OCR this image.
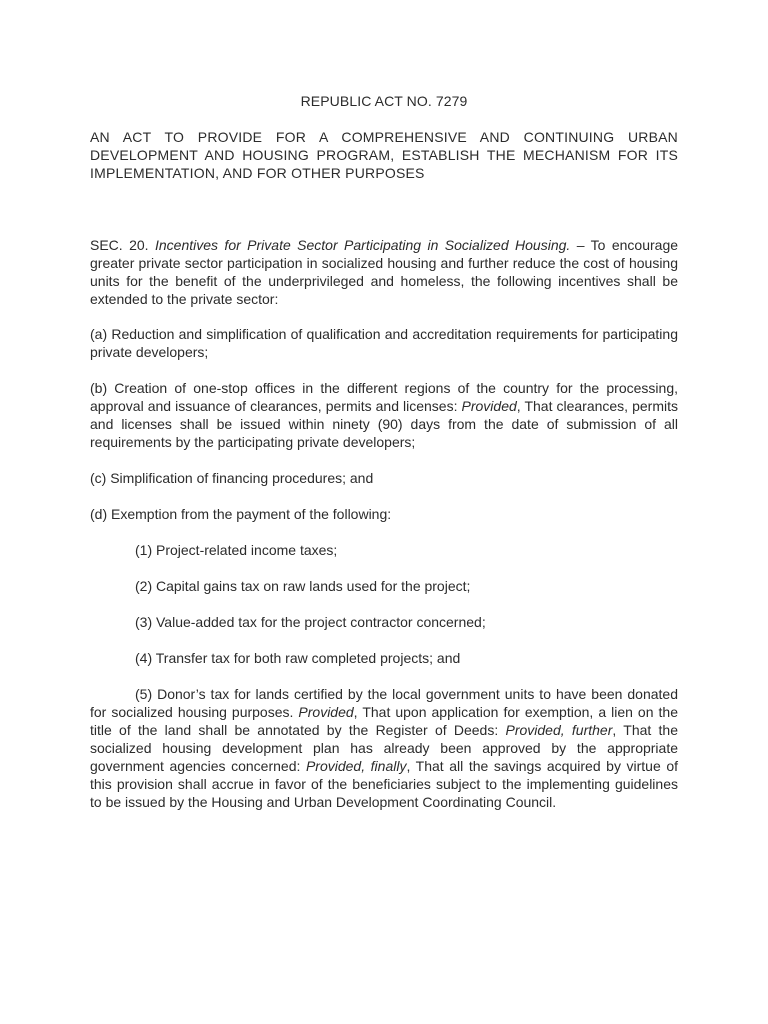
REPUBLIC ACT NO. 7279

AN ACT TO PROVIDE FOR A COMPREHENSIVE AND CONTINUING URBAN DEVELOPMENT AND HOUSING PROGRAM, ESTABLISH THE MECHANISM FOR ITS IMPLEMENTATION, AND FOR OTHER PURPOSES

SEC. 20. Incentives for Private Sector Participating in Socialized Housing. – To encourage greater private sector participation in socialized housing and further reduce the cost of housing units for the benefit of the underprivileged and homeless, the following incentives shall be extended to the private sector:

(a) Reduction and simplification of qualification and accreditation requirements for participating private developers;

(b) Creation of one-stop offices in the different regions of the country for the processing, approval and issuance of clearances, permits and licenses: Provided, That clearances, permits and licenses shall be issued within ninety (90) days from the date of submission of all requirements by the participating private developers;

(c) Simplification of financing procedures; and

(d) Exemption from the payment of the following:

(1) Project-related income taxes;

(2) Capital gains tax on raw lands used for the project;

(3) Value-added tax for the project contractor concerned;

(4) Transfer tax for both raw completed projects; and

(5) Donor’s tax for lands certified by the local government units to have been donated for socialized housing purposes. Provided, That upon application for exemption, a lien on the title of the land shall be annotated by the Register of Deeds: Provided, further, That the socialized housing development plan has already been approved by the appropriate government agencies concerned: Provided, finally, That all the savings acquired by virtue of this provision shall accrue in favor of the beneficiaries subject to the implementing guidelines to be issued by the Housing and Urban Development Coordinating Council.
